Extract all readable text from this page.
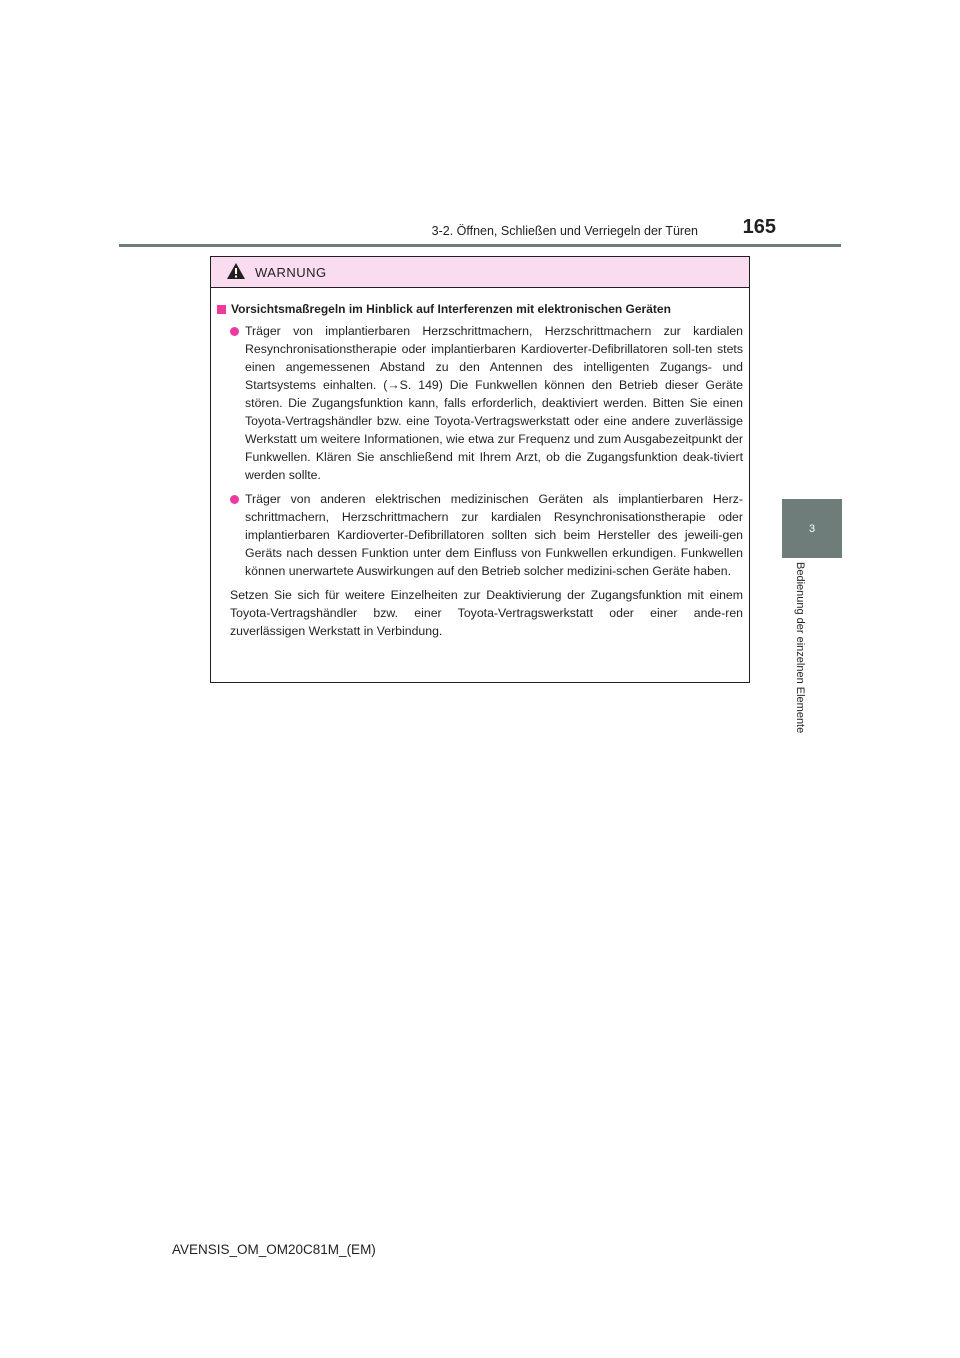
3-2. Öffnen, Schließen und Verriegeln der Türen	165
3
Bedienung der einzelnen Elemente
WARNUNG
Vorsichtsmaßregeln im Hinblick auf Interferenzen mit elektronischen Geräten
Träger von implantierbaren Herzschrittmachern, Herzschrittmachern zur kardialen Resynchronisationstherapie oder implantierbaren Kardioverter-Defibrillatoren soll-ten stets einen angemessenen Abstand zu den Antennen des intelligenten Zugangs- und Startsystems einhalten. (→S. 149) Die Funkwellen können den Betrieb dieser Geräte stören. Die Zugangsfunktion kann, falls erforderlich, deaktiviert werden. Bitten Sie einen Toyota-Vertragshändler bzw. eine Toyota-Vertragswerkstatt oder eine andere zuverlässige Werkstatt um weitere Informationen, wie etwa zur Frequenz und zum Ausgabezeitpunkt der Funkwellen. Klären Sie anschließend mit Ihrem Arzt, ob die Zugangsfunktion deak-tiviert werden sollte.
Träger von anderen elektrischen medizinischen Geräten als implantierbaren Herz-schrittmachern, Herzschrittmachern zur kardialen Resynchronisationstherapie oder implantierbaren Kardioverter-Defibrillatoren sollten sich beim Hersteller des jeweili-gen Geräts nach dessen Funktion unter dem Einfluss von Funkwellen erkundigen. Funkwellen können unerwartete Auswirkungen auf den Betrieb solcher medizini-schen Geräte haben.
Setzen Sie sich für weitere Einzelheiten zur Deaktivierung der Zugangsfunktion mit einem Toyota-Vertragshändler bzw. einer Toyota-Vertragswerkstatt oder einer ande-ren zuverlässigen Werkstatt in Verbindung.
AVENSIS_OM_OM20C81M_(EM)
